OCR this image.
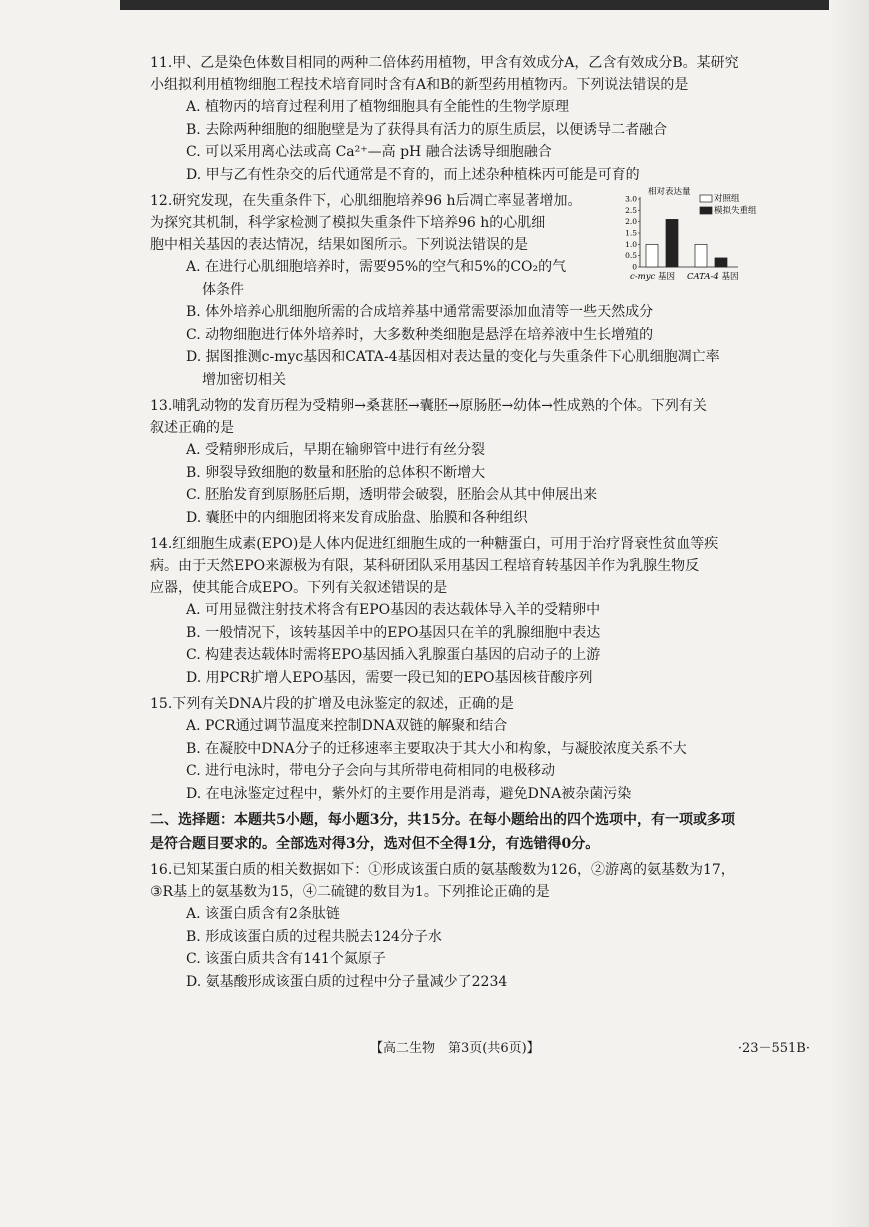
11.甲、乙是染色体数目相同的两种二倍体药用植物，甲含有效成分A，乙含有效成分B。某研究
小组拟利用植物细胞工程技术培育同时含有A和B的新型药用植物丙。下列说法错误的是
A. 植物丙的培育过程利用了植物细胞具有全能性的生物学原理
B. 去除两种细胞的细胞壁是为了获得具有活力的原生质层，以便诱导二者融合
C. 可以采用离心法或高 Ca²⁺—高 pH 融合法诱导细胞融合
D. 甲与乙有性杂交的后代通常是不育的，而上述杂种植株丙可能是可育的
12.研究发现，在失重条件下，心肌细胞培养96 h后凋亡率显著增加。
为探究其机制，科学家检测了模拟失重条件下培养96 h的心肌细
胞中相关基因的表达情况，结果如图所示。下列说法错误的是
A. 在进行心肌细胞培养时，需要95%的空气和5%的CO₂的气
体条件
B. 体外培养心肌细胞所需的合成培养基中通常需要添加血清等一些天然成分
C. 动物细胞进行体外培养时，大多数种类细胞是悬浮在培养液中生长增殖的
D. 据图推测c-myc基因和CATA-4基因相对表达量的变化与失重条件下心肌细胞凋亡率
增加密切相关
相对表达量
0
0.5
1.0
1.5
2.0
2.5
3.0
c-myc 基因 CATA-4 基因
对照组
模拟失重组
13.哺乳动物的发育历程为受精卵→桑葚胚→囊胚→原肠胚→幼体→性成熟的个体。下列有关
叙述正确的是
A. 受精卵形成后，早期在输卵管中进行有丝分裂
B. 卵裂导致细胞的数量和胚胎的总体积不断增大
C. 胚胎发育到原肠胚后期，透明带会破裂，胚胎会从其中伸展出来
D. 囊胚中的内细胞团将来发育成胎盘、胎膜和各种组织
14.红细胞生成素(EPO)是人体内促进红细胞生成的一种糖蛋白，可用于治疗肾衰性贫血等疾
病。由于天然EPO来源极为有限，某科研团队采用基因工程培育转基因羊作为乳腺生物反
应器，使其能合成EPO。下列有关叙述错误的是
A. 可用显微注射技术将含有EPO基因的表达载体导入羊的受精卵中
B. 一般情况下，该转基因羊中的EPO基因只在羊的乳腺细胞中表达
C. 构建表达载体时需将EPO基因插入乳腺蛋白基因的启动子的上游
D. 用PCR扩增人EPO基因，需要一段已知的EPO基因核苷酸序列
15.下列有关DNA片段的扩增及电泳鉴定的叙述，正确的是
A. PCR通过调节温度来控制DNA双链的解聚和结合
B. 在凝胶中DNA分子的迁移速率主要取决于其大小和构象，与凝胶浓度关系不大
C. 进行电泳时，带电分子会向与其所带电荷相同的电极移动
D. 在电泳鉴定过程中，紫外灯的主要作用是消毒，避免DNA被杂菌污染
二、选择题：本题共5小题，每小题3分，共15分。在每小题给出的四个选项中，有一项或多项
是符合题目要求的。全部选对得3分，选对但不全得1分，有选错得0分。
16.已知某蛋白质的相关数据如下：①形成该蛋白质的氨基酸数为126，②游离的氨基数为17，
③R基上的氨基数为15，④二硫键的数目为1。下列推论正确的是
A. 该蛋白质含有2条肽链
B. 形成该蛋白质的过程共脱去124分子水
C. 该蛋白质共含有141个氮原子
D. 氨基酸形成该蛋白质的过程中分子量减少了2234
【高二生物　第3页(共6页)】	·23－551B·
